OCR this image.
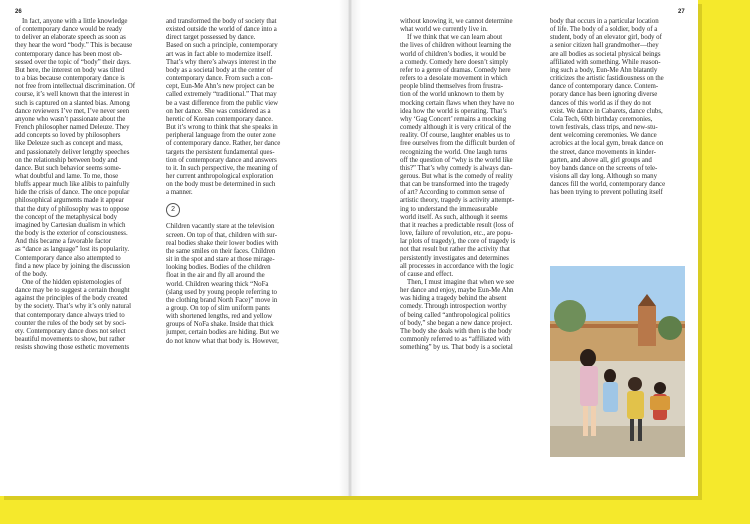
26	27

In fact, anyone with a little knowledge
of contemporary dance would be ready
to deliver an elaborate speech as soon as
they hear the word “body.” This is because
contemporary dance has been most ob-
sessed over the topic of “body” their days.
But here, the interest on body was tilted
to a bias because contemporary dance is
not free from intellectual discrimination. Of
course, it’s well known that the interest in
such is captured on a slanted bias. Among
dance reviewers I’ve met, I’ve never seen
anyone who wasn’t passionate about the
French philosopher named Deleuze. They
add concepts so loved by philosophers
like Deleuze such as concept and mass,
and passionately deliver lengthy speeches
on the relationship between body and
dance. But such behavior seems some-
what doubtful and lame. To me, those
bluffs appear much like alibis to painfully
hide the crisis of dance. The once popular
philosophical arguments made it appear
that the duty of philosophy was to oppose
the concept of the metaphysical body
imagined by Cartesian dualism in which
the body is the exterior of consciousness.
And this became a favorable factor
as “dance as language” lost its popularity.
Contemporary dance also attempted to
find a new place by joining the discussion
of the body.

One of the hidden epistemologies of
dance may be to suggest a certain thought
against the principles of the body created
by the society. That’s why it’s only natural
that contemporary dance always tried to
counter the rules of the body set by soci-
ety. Contemporary dance does not select
beautiful movements to show, but rather
resists showing those esthetic movements

and transformed the body of society that
existed outside the world of dance into a
direct target possessed by dance.
Based on such a principle, contemporary
art was in fact able to modernize itself.
That’s why there’s always interest in the
body as a societal body at the center of
contemporary dance. From such a con-
cept, Eun-Me Ahn’s new project can be
called extremely “traditional.” That may
be a vast difference from the public view
on her dance. She was considered as a
heretic of Korean contemporary dance.
But it’s wrong to think that she speaks in
peripheral language from the outer zone
of contemporary dance. Rather, her dance
targets the persistent fundamental ques-
tion of contemporary dance and answers
to it. In such perspective, the meaning of
her current anthropological exploration
on the body must be determined in such
a manner.

2

Children vacantly stare at the television
screen. On top of that, children with sur-
real bodies shake their lower bodies with
the same smiles on their faces. Children
sit in the spot and stare at those mirage-
looking bodies. Bodies of the children
float in the air and fly all around the
world. Children wearing thick “NoFa
(slang used by young people referring to
the clothing brand North Face)” move in
a group. On top of slim uniform pants
with shortened lengths, red and yellow
groups of NoFa shake. Inside that thick
jumper, certain bodies are hiding. But we
do not know what that body is. However,

without knowing it, we cannot determine
what world we currently live in.

If we think that we can learn about
the lives of children without learning the
world of children’s bodies, it would be
a comedy. Comedy here doesn’t simply
refer to a genre of dramas. Comedy here
refers to a desolate movement in which
people blind themselves from frustra-
tion of the world unknown to them by
mocking certain flaws when they have no
idea how the world is operating. That’s
why ‘Gag Concert’ remains a mocking
comedy although it is very critical of the
reality. Of course, laughter enables us to
free ourselves from the difficult burden of
recognizing the world. One laugh turns
off the question of “why is the world like
this?” That’s why comedy is always dan-
gerous. But what is the comedy of reality
that can be transformed into the tragedy
of art? According to common sense of
artistic theory, tragedy is activity attempt-
ing to understand the immeasurable
world itself. As such, although it seems
that it reaches a predictable result (loss of
love, failure of revolution, etc., are popu-
lar plots of tragedy), the core of tragedy is
not that result but rather the activity that
persistently investigates and determines
all processes in accordance with the logic
of cause and effect.

Then, I must imagine that when we see
her dance and enjoy, maybe Eun-Me Ahn
was hiding a tragedy behind the absent
comedy. Through introspection worthy
of being called “anthropological politics
of body,” she began a new dance project.
The body she deals with then is the body
commonly referred to as “affiliated with
something” by us. That body is a societal

body that occurs in a particular location
of life. The body of a soldier, body of a
student, body of an elevator girl, body of
a senior citizen hall grandmother—they
are all bodies as societal physical beings
affiliated with something. While reason-
ing such a body, Eun-Me Ahn blatantly
criticizes the artistic fastidiousness on the
dance of contemporary dance. Contem-
porary dance has been ignoring diverse
dances of this world as if they do not
exist. We dance in Cabarets, dance clubs,
Cola Tech, 60th birthday ceremonies,
town festivals, class trips, and new-stu-
dent welcoming ceremonies. We dance
acrobics at the local gym, break dance on
the street, dance movements in kinder-
garten, and above all, girl groups and
boy bands dance on the screens of tele-
visions all day long. Although so many
dances fill the world, contemporary dance
has been trying to prevent polluting itself
